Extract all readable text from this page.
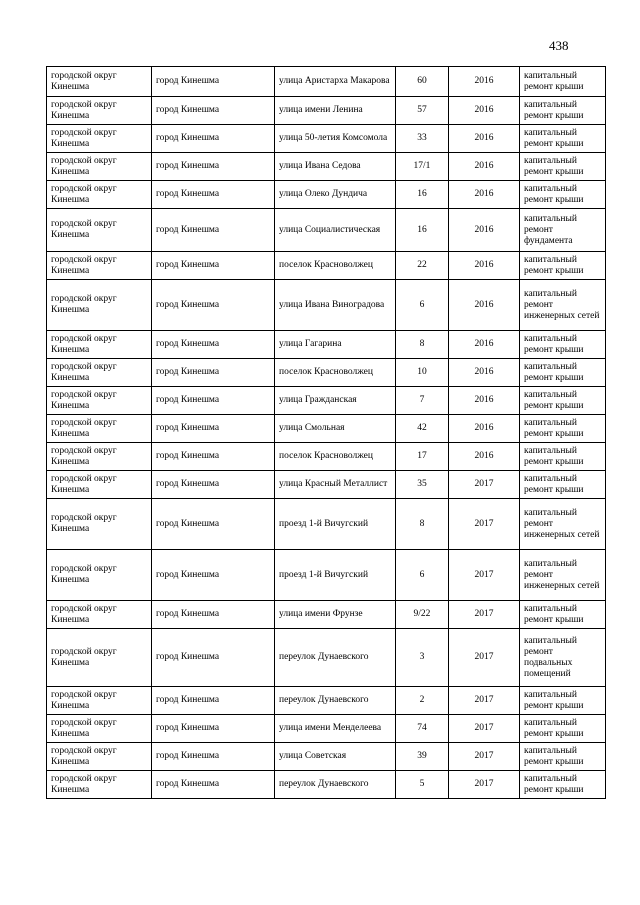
438
городской округ Кинешма	город Кинешма	улица Аристарха Макарова	60	2016	капитальный ремонт крыши
городской округ Кинешма	город Кинешма	улица имени Ленина	57	2016	капитальный ремонт крыши
городской округ Кинешма	город Кинешма	улица 50-летия Комсомола	33	2016	капитальный ремонт крыши
городской округ Кинешма	город Кинешма	улица Ивана Седова	17/1	2016	капитальный ремонт крыши
городской округ Кинешма	город Кинешма	улица Олеко Дундича	16	2016	капитальный ремонт крыши
городской округ Кинешма	город Кинешма	улица Социалистическая	16	2016	капитальный ремонт фундамента
городской округ Кинешма	город Кинешма	поселок Красноволжец	22	2016	капитальный ремонт крыши
городской округ Кинешма	город Кинешма	улица Ивана Виноградова	6	2016	капитальный ремонт инженерных сетей
городской округ Кинешма	город Кинешма	улица Гагарина	8	2016	капитальный ремонт крыши
городской округ Кинешма	город Кинешма	поселок Красноволжец	10	2016	капитальный ремонт крыши
городской округ Кинешма	город Кинешма	улица Гражданская	7	2016	капитальный ремонт крыши
городской округ Кинешма	город Кинешма	улица Смольная	42	2016	капитальный ремонт крыши
городской округ Кинешма	город Кинешма	поселок Красноволжец	17	2016	капитальный ремонт крыши
городской округ Кинешма	город Кинешма	улица Красный Металлист	35	2017	капитальный ремонт крыши
городской округ Кинешма	город Кинешма	проезд 1-й Вичугский	8	2017	капитальный ремонт инженерных сетей
городской округ Кинешма	город Кинешма	проезд 1-й Вичугский	6	2017	капитальный ремонт инженерных сетей
городской округ Кинешма	город Кинешма	улица имени Фрунзе	9/22	2017	капитальный ремонт крыши
городской округ Кинешма	город Кинешма	переулок Дунаевского	3	2017	капитальный ремонт подвальных помещений
городской округ Кинешма	город Кинешма	переулок Дунаевского	2	2017	капитальный ремонт крыши
городской округ Кинешма	город Кинешма	улица имени Менделеева	74	2017	капитальный ремонт крыши
городской округ Кинешма	город Кинешма	улица Советская	39	2017	капитальный ремонт крыши
городской округ Кинешма	город Кинешма	переулок Дунаевского	5	2017	капитальный ремонт крыши
